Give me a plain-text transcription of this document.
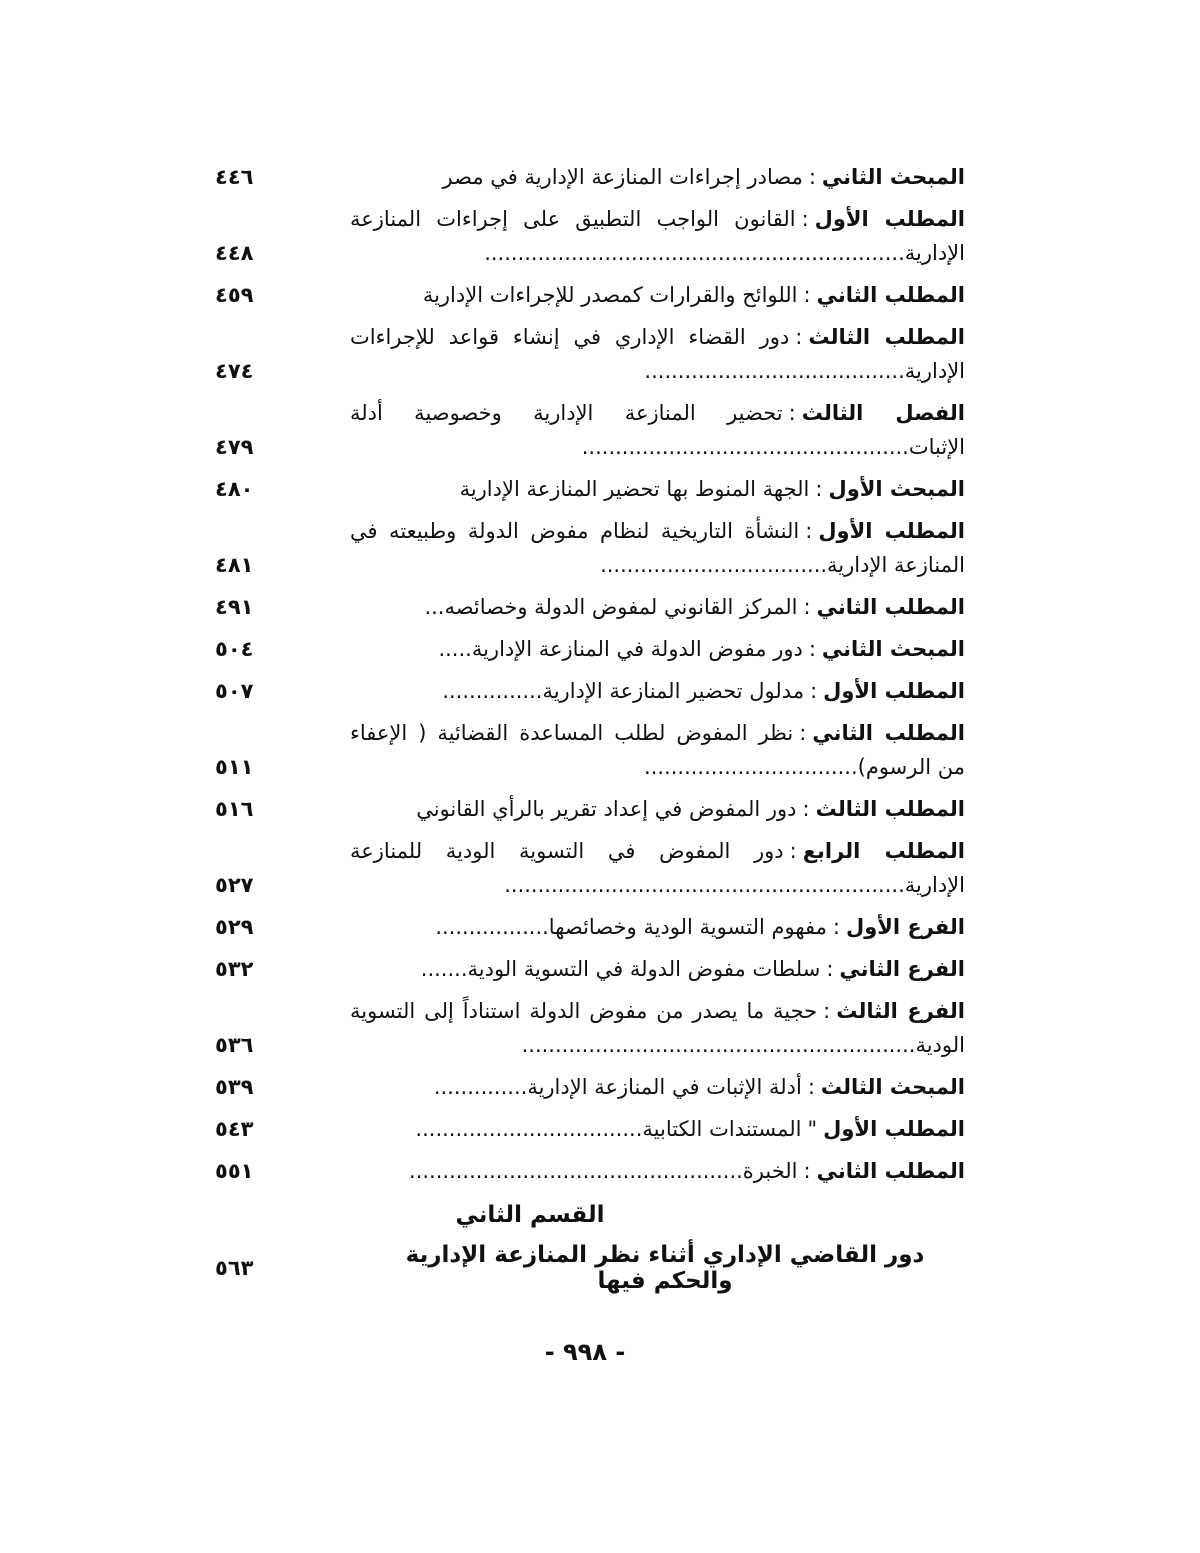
المبحث الثاني:مصادر إجراءات المنازعة الإدارية في مصر
٤٤٦
المطلب الأول:القانون الواجب التطبيق على إجراءات المنازعة الإدارية...............................................................
٤٤٨
المطلب الثاني:اللوائح والقرارات كمصدر للإجراءات الإدارية
٤٥٩
المطلب الثالث:دور القضاء الإداري في إنشاء قواعد للإجراءات الإدارية.......................................
٤٧٤
الفصل الثالث:تحضير المنازعة الإدارية وخصوصية أدلة الإثبات.................................................
٤٧٩
المبحث الأول:الجهة المنوط بها تحضير المنازعة الإدارية
٤٨٠
المطلب الأول:النشأة التاريخية لنظام مفوض الدولة وطبيعته في المنازعة الإدارية..................................
٤٨١
المطلب الثاني:المركز القانوني لمفوض الدولة وخصائصه...
٤٩١
المبحث الثاني:دور مفوض الدولة في المنازعة الإدارية.....
٥٠٤
المطلب الأول:مدلول تحضير المنازعة الإدارية...............
٥٠٧
المطلب الثاني:نظر المفوض لطلب المساعدة القضائية ( الإعفاء من الرسوم)................................
٥١١
المطلب الثالث:دور المفوض في إعداد تقرير بالرأي القانوني
٥١٦
المطلب الرابع:دور المفوض في التسوية الودية للمنازعة الإدارية............................................................
٥٢٧
الفرع الأول:مفهوم التسوية الودية وخصائصها.................
٥٢٩
الفرع الثاني:سلطات مفوض الدولة في التسوية الودية.......
٥٣٢
الفرع الثالث:حجية ما يصدر من مفوض الدولة استناداً إلى التسوية الودية...........................................................
٥٣٦
المبحث الثالث:أدلة الإثبات في المنازعة الإدارية..............
٥٣٩
المطلب الأول"المستندات الكتابية..................................
٥٤٣
المطلب الثاني:الخبرة..................................................
٥٥١
القسم الثاني
دور القاضي الإداري أثناء نظر المنازعة الإدارية والحكم فيها
٥٦٣
- ٩٩٨ -
